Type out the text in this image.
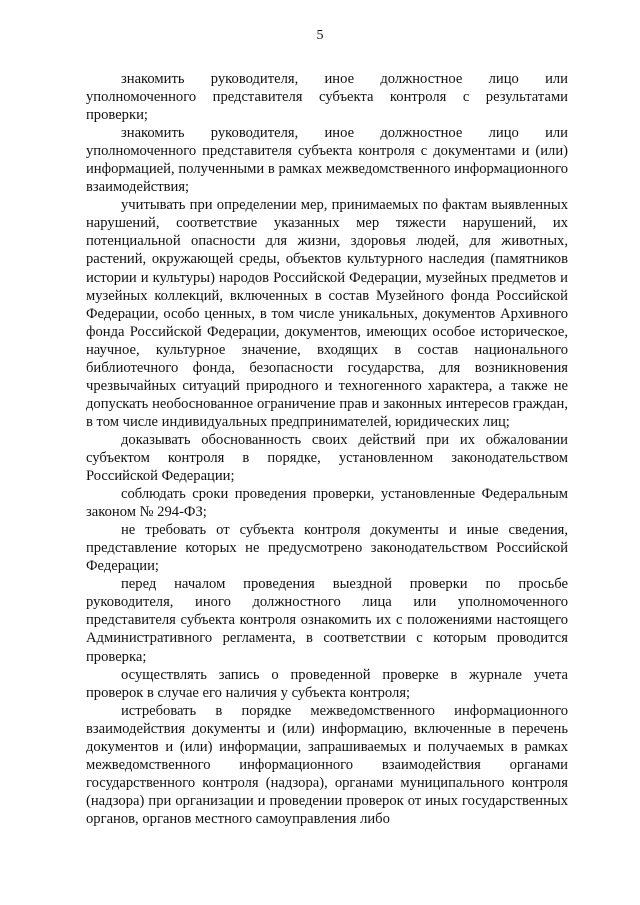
5

знакомить руководителя, иное должностное лицо или уполномоченного представителя субъекта контроля с результатами проверки;

знакомить руководителя, иное должностное лицо или уполномоченного представителя субъекта контроля с документами и (или) информацией, полученными в рамках межведомственного информационного взаимодействия;

учитывать при определении мер, принимаемых по фактам выявленных нарушений, соответствие указанных мер тяжести нарушений, их потенциальной опасности для жизни, здоровья людей, для животных, растений, окружающей среды, объектов культурного наследия (памятников истории и культуры) народов Российской Федерации, музейных предметов и музейных коллекций, включенных в состав Музейного фонда Российской Федерации, особо ценных, в том числе уникальных, документов Архивного фонда Российской Федерации, документов, имеющих особое историческое, научное, культурное значение, входящих в состав национального библиотечного фонда, безопасности государства, для возникновения чрезвычайных ситуаций природного и техногенного характера, а также не допускать необоснованное ограничение прав и законных интересов граждан, в том числе индивидуальных предпринимателей, юридических лиц;

доказывать обоснованность своих действий при их обжаловании субъектом контроля в порядке, установленном законодательством Российской Федерации;

соблюдать сроки проведения проверки, установленные Федеральным законом № 294-ФЗ;

не требовать от субъекта контроля документы и иные сведения, представление которых не предусмотрено законодательством Российской Федерации;

перед началом проведения выездной проверки по просьбе руководителя, иного должностного лица или уполномоченного представителя субъекта контроля ознакомить их с положениями настоящего Административного регламента, в соответствии с которым проводится проверка;

осуществлять запись о проведенной проверке в журнале учета проверок в случае его наличия у субъекта контроля;

истребовать в порядке межведомственного информационного взаимодействия документы и (или) информацию, включенные в перечень документов и (или) информации, запрашиваемых и получаемых в рамках межведомственного информационного взаимодействия органами государственного контроля (надзора), органами муниципального контроля (надзора) при организации и проведении проверок от иных государственных органов, органов местного самоуправления либо
